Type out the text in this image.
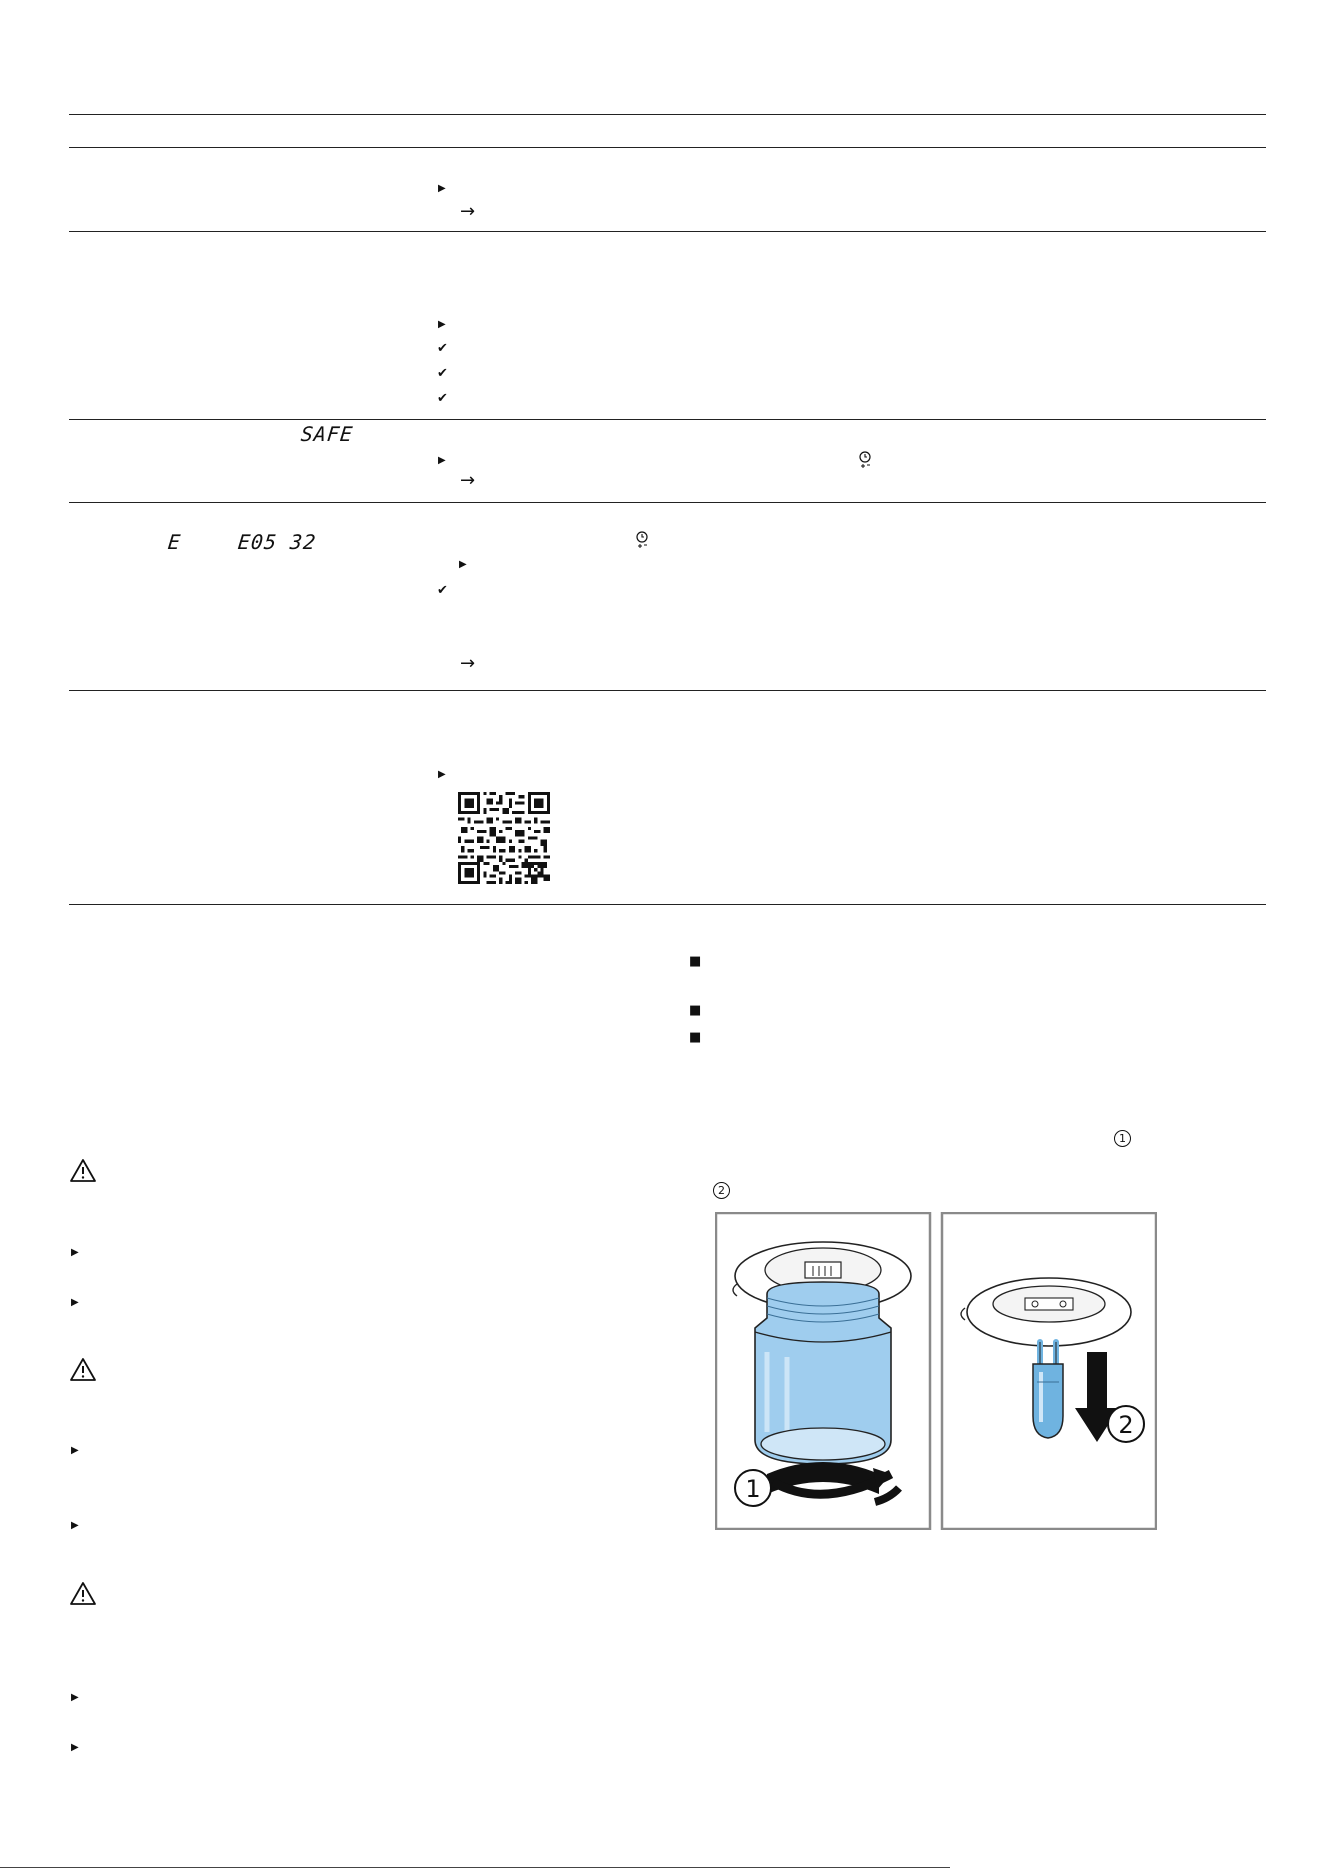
▶
→
▶
✔
✔
✔
SAFE
▶
→
E	E05 32
▶
✔
→
▶
▶
▶
▶
▶
▶
▶
■
■
■
1
2
1
2
